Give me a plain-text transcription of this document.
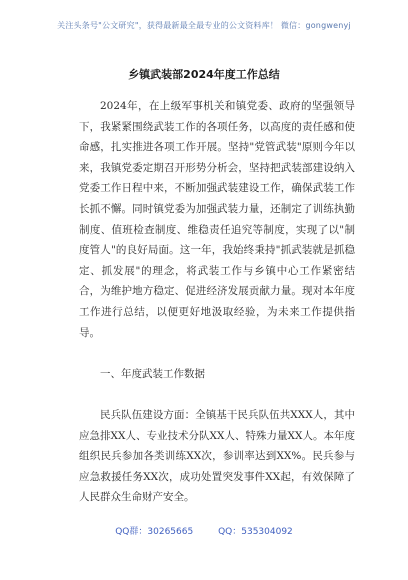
关注头条号"公文研究"，获得最新最全最专业的公文资料库！ 微信：gongwenyj
乡镇武装部2024年度工作总结

2024年，在上级军事机关和镇党委、政府的坚强领导下，我紧紧围绕武装工作的各项任务，以高度的责任感和使命感，扎实推进各项工作开展。坚持"党管武装"原则今年以来，我镇党委定期召开形势分析会，坚持把武装部建设纳入党委工作日程中来，不断加强武装建设工作，确保武装工作长抓不懈。同时镇党委为加强武装力量，还制定了训练执勤制度、值班检查制度、维稳责任追究等制度，实现了以"制度管人"的良好局面。这一年，我始终秉持"抓武装就是抓稳定、抓发展"的理念，将武装工作与乡镇中心工作紧密结合，为维护地方稳定、促进经济发展贡献力量。现对本年度工作进行总结，以便更好地汲取经验，为未来工作提供指导。

一、年度武装工作数据

民兵队伍建设方面：全镇基干民兵队伍共XXX人，其中应急排XX人、专业技术分队XX人、特殊力量XX人。本年度组织民兵参加各类训练XX次，参训率达到XX%。民兵参与应急救援任务XX次，成功处置突发事件XX起，有效保障了人民群众生命财产安全。

QQ群：30265665	QQ：535304092
